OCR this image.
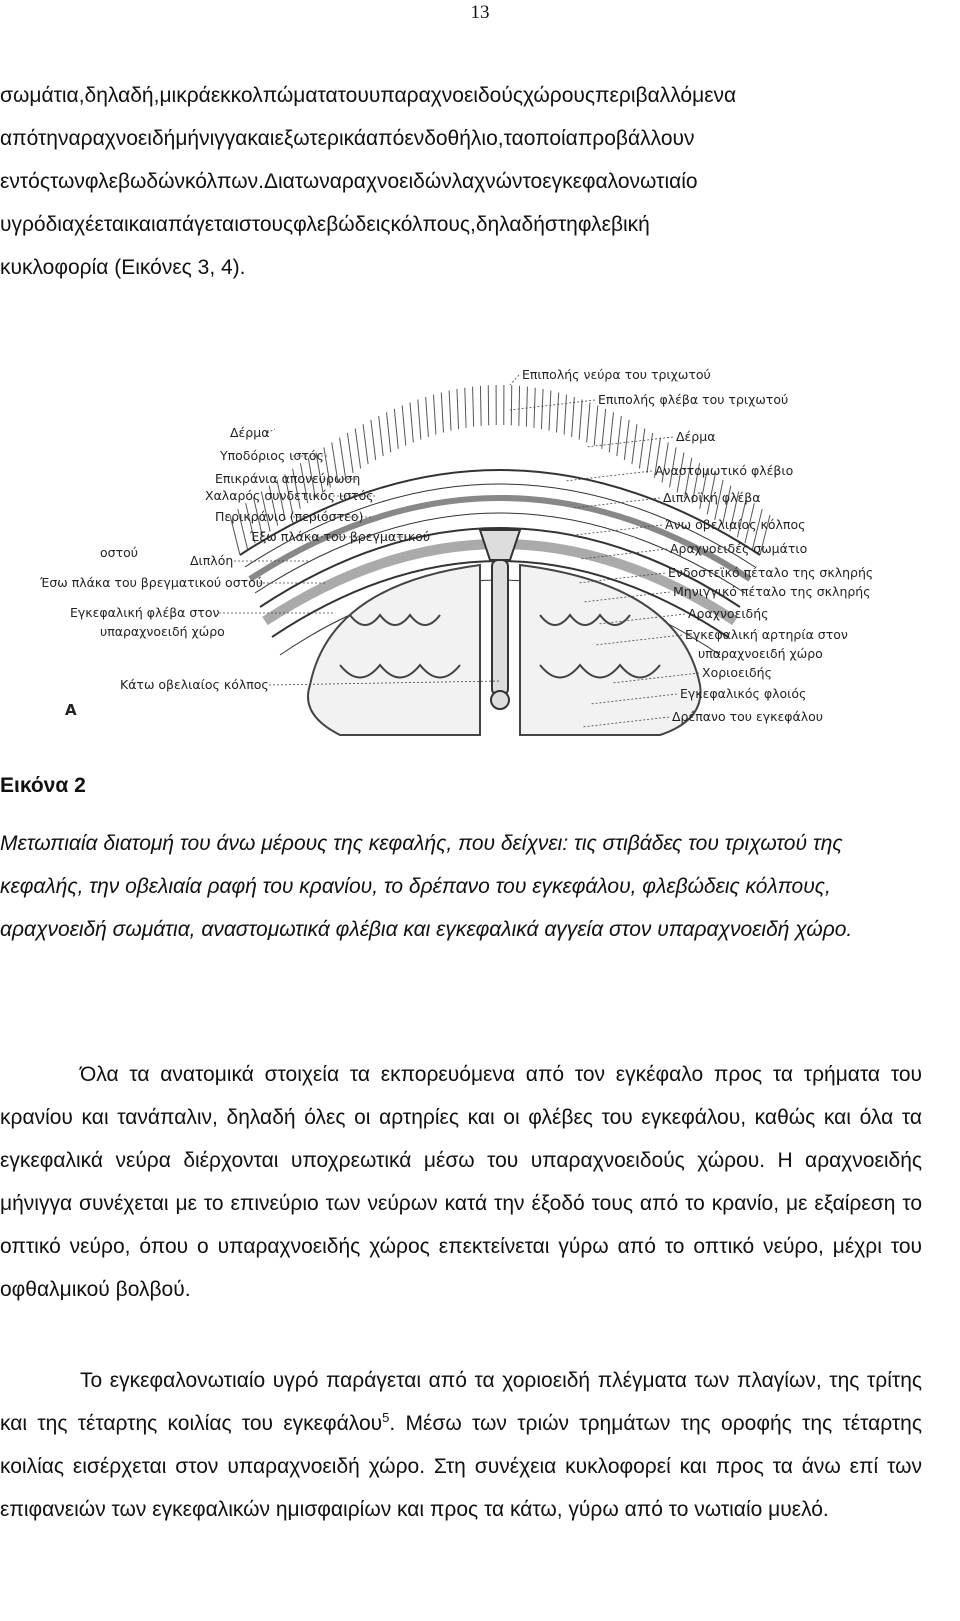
13
σωμάτια,δηλαδή,μικράεκκολπώματατουυπαραχνοειδούςχώρουςπεριβαλλόμενα
απότηναραχνοειδήμήνιγγακαιεξωτερικάαπόενδοθήλιο,ταοποίαπροβάλλουν
εντόςτωνφλεβωδώνκόλπων.Διατωναραχνοειδώνλαχνώντοεγκεφαλονωτιαίο
υγρόδιαχέεταικαιαπάγεταιστουςφλεβώδειςκόλπους,δηλαδήστηφλεβική
κυκλοφορία (Εικόνες 3, 4).
Δέρμα
Υποδόριος ιστός
Επικράνια απονεύρωση
Χαλαρός συνδετικός ιστός
Περικράνιο (περιόστεο)
Έξω πλάκα του βρεγματικού
οστού
Διπλόη
Έσω πλάκα του βρεγματικού οστού
Εγκεφαλική φλέβα στον
υπαραχνοειδή χώρο
Κάτω οβελιαίος κόλπος
Επιπολής νεύρα του τριχωτού
Επιπολής φλέβα του τριχωτού
Δέρμα
Αναστομωτικό φλέβιο
Διπλοϊκή φλέβα
Άνω οβελιαίος κόλπος
Αραχνοειδές σωμάτιο
Ενδοστεϊκό πέταλο της σκληρής
Μηνιγγικό πέταλο της σκληρής
Αραχνοειδής
Εγκεφαλική αρτηρία στον
υπαραχνοειδή χώρο
Χοριοειδής
Εγκεφαλικός φλοιός
Δρέπανο του εγκεφάλου
A
Εικόνα 2

Μετωπιαία διατομή του άνω μέρους της κεφαλής, που δείχνει: τις στιβάδες του τριχωτού της κεφαλής, την οβελιαία ραφή του κρανίου, το δρέπανο του εγκεφάλου, φλεβώδεις κόλπους, αραχνοειδή σωμάτια, αναστομωτικά φλέβια και εγκεφαλικά αγγεία στον υπαραχνοειδή χώρο.

Όλα τα ανατομικά στοιχεία τα εκπορευόμενα από τον εγκέφαλο προς τα τρήματα του κρανίου και τανάπαλιν, δηλαδή όλες οι αρτηρίες και οι φλέβες του εγκεφάλου, καθώς και όλα τα εγκεφαλικά νεύρα διέρχονται υποχρεωτικά μέσω του υπαραχνοειδούς χώρου. Η αραχνοειδής μήνιγγα συνέχεται με το επινεύριο των νεύρων κατά την έξοδό τους από το κρανίο, με εξαίρεση το οπτικό νεύρο, όπου ο υπαραχνοειδής χώρος επεκτείνεται γύρω από το οπτικό νεύρο, μέχρι του οφθαλμικού βολβού.

Το εγκεφαλονωτιαίο υγρό παράγεται από τα χοριοειδή πλέγματα των πλαγίων, της τρίτης και της τέταρτης κοιλίας του εγκεφάλου$^5$. Μέσω των τριών τρημάτων της οροφής της τέταρτης κοιλίας εισέρχεται στον υπαραχνοειδή χώρο. Στη συνέχεια κυκλοφορεί και προς τα άνω επί των επιφανειών των εγκεφαλικών ημισφαιρίων και προς τα κάτω, γύρω από το νωτιαίο μυελό.
